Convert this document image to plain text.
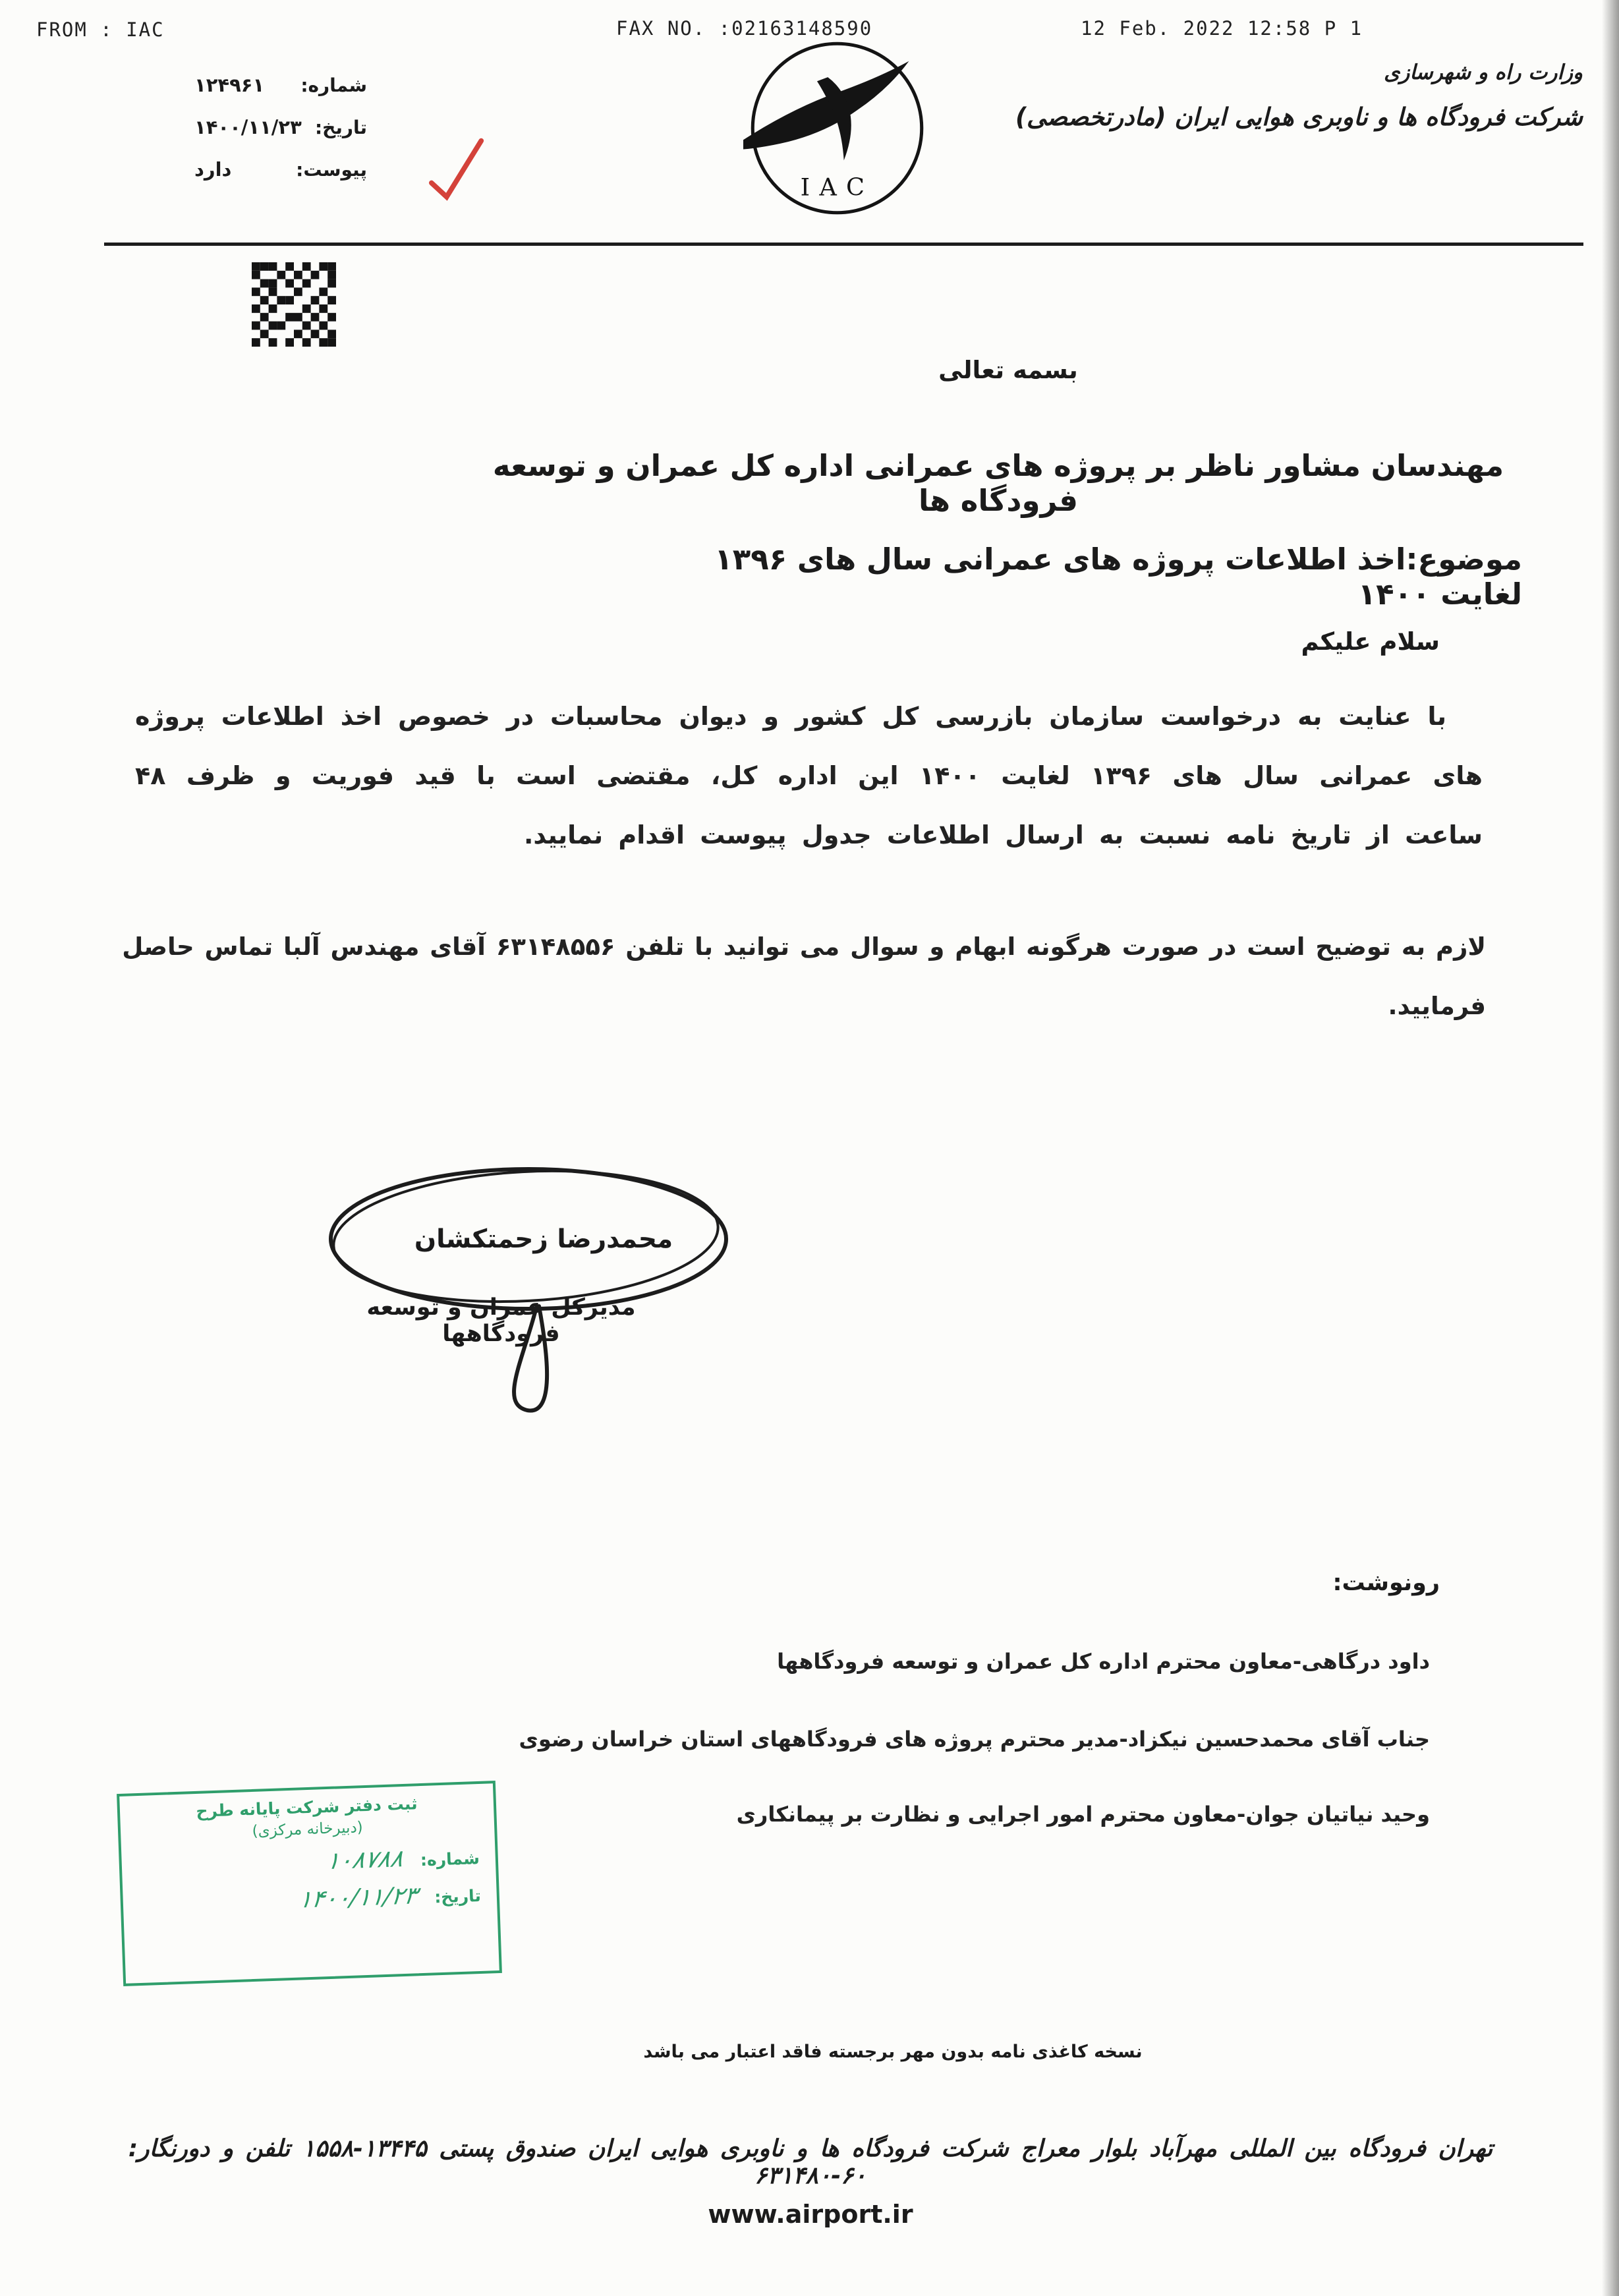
FROM : IAC	FAX NO. :02163148590	12 Feb. 2022 12:58 P 1
شماره:
۱۲۴۹۶۱
تاریخ:
۱۴۰۰/۱۱/۲۳
پیوست:
دارد
IAC
وزارت راه و شهرسازی
شرکت فرودگاه ها و ناوبری هوایی ایران (مادرتخصصی)
بسمه تعالی
مهندسان مشاور ناظر بر پروژه های عمرانی اداره کل عمران و توسعه فرودگاه ها
موضوع:اخذ اطلاعات پروژه های عمرانی سال های ۱۳۹۶ لغایت ۱۴۰۰
سلام علیکم
با عنایت به درخواست سازمان بازرسی کل کشور و دیوان محاسبات در خصوص اخذ اطلاعات پروژه های عمرانی سال های ۱۳۹۶ لغایت ۱۴۰۰ این اداره کل، مقتضی است با قید فوریت و ظرف ۴۸ ساعت از تاریخ نامه نسبت به ارسال اطلاعات جدول پیوست اقدام نمایید.
لازم به توضیح است در صورت هرگونه ابهام و سوال می توانید با تلفن ۶۳۱۴۸۵۵۶ آقای مهندس آلبا تماس حاصل فرمایید.
محمدرضا زحمتکشان
مدیرکل عمران و توسعه فرودگاهها
رونوشت:
داود درگاهی-معاون محترم اداره کل عمران و توسعه فرودگاهها
جناب آقای محمدحسین نیکزاد-مدیر محترم پروژه های فرودگاههای استان خراسان رضوی
وحید نیاتیان جوان-معاون محترم امور اجرایی و نظارت بر پیمانکاری
ثبت دفتر شرکت پایانه طرح
(دبیرخانه مرکزی)
شماره:
۱۰۸۷۸۸
تاریخ:
۱۴۰۰/۱۱/۲۳
نسخه کاغذی نامه بدون مهر برجسته فاقد اعتبار می باشد
تهران فرودگاه بین المللی مهرآباد بلوار معراج شرکت فرودگاه ها و ناوبری هوایی ایران صندوق پستی ۱۳۴۴۵-۱۵۵۸ تلفن و دورنگار: ۶۰-۶۳۱۴۸۰
www.airport.ir
